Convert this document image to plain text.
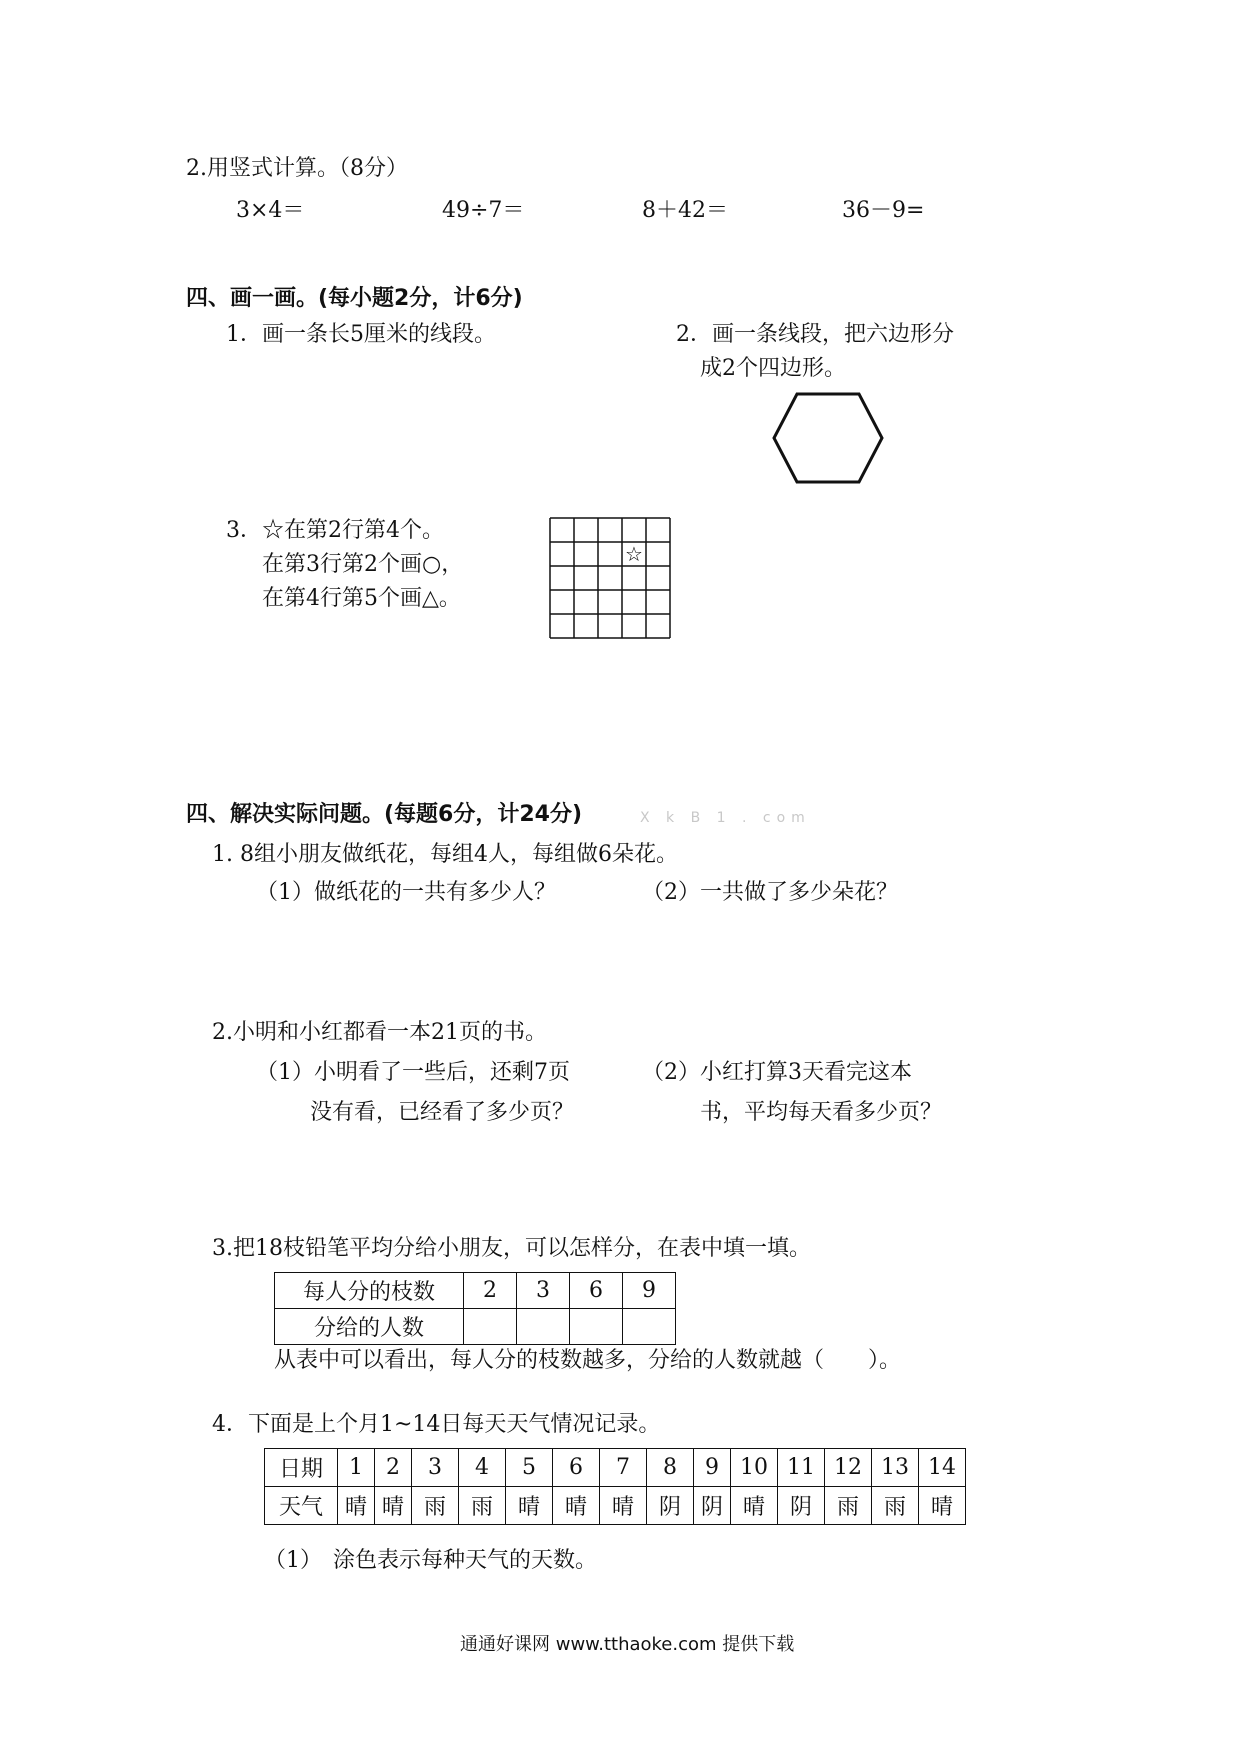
2.用竖式计算。（8分）
3×4＝	49÷7＝	8＋42＝	36－9=
四、画一画。(每小题2分，计6分)
1．画一条长5厘米的线段。	2．画一条线段，把六边形分
成2个四边形。
3．☆在第2行第4个。
在第3行第2个画○，
在第4行第5个画△。
☆
四、解决实际问题。(每题6分，计24分)	X k B 1 . com
1. 8组小朋友做纸花，每组4人，每组做6朵花。
（1）做纸花的一共有多少人？	（2）一共做了多少朵花？
2.小明和小红都看一本21页的书。
（1）小明看了一些后，还剩7页
没有看，已经看了多少页？
（2）小红打算3天看完这本
书，平均每天看多少页？
3.把18枝铅笔平均分给小朋友，可以怎样分，在表中填一填。
每人分的枝数	2	3	6	9
分给的人数				
从表中可以看出，每人分的枝数越多，分给的人数就越（　　）。
4．下面是上个月1~14日每天天气情况记录。
日期	1	2	3	4	5	6	7	8	9	10	11	12	13	14
天气	晴	晴	雨	雨	晴	晴	晴	阴	阴	晴	阴	雨	雨	晴
（1）　涂色表示每种天气的天数。
通通好课网 www.tthaoke.com 提供下载
